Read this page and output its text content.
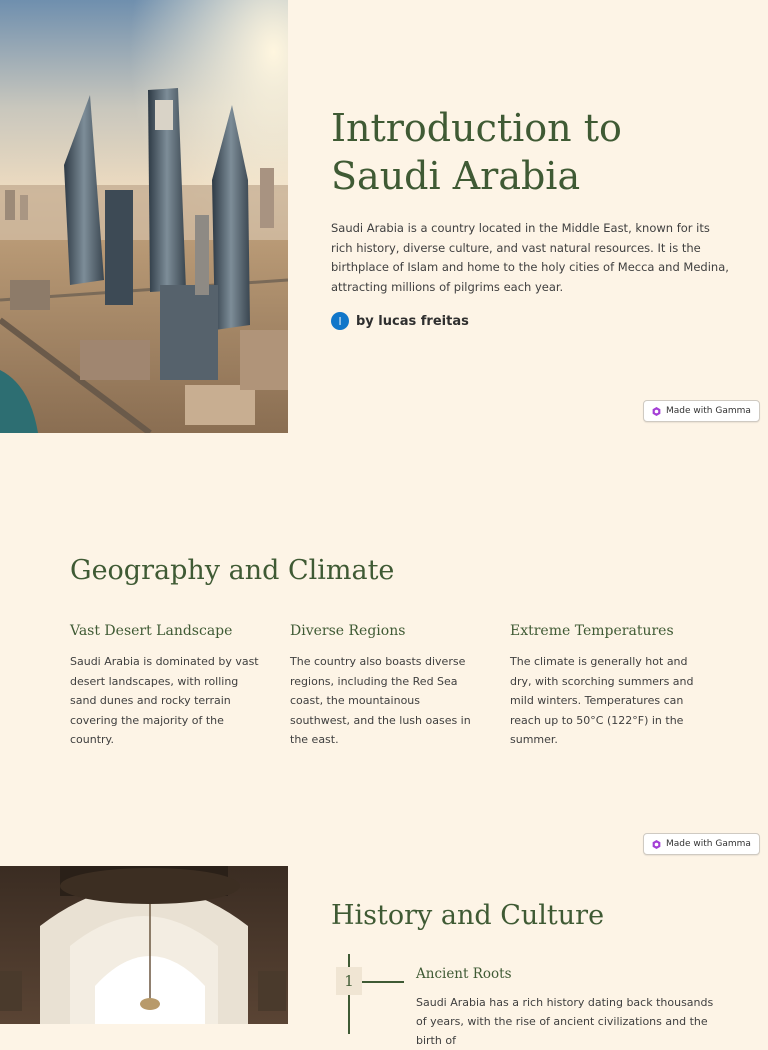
Introduction to
Saudi Arabia

Saudi Arabia is a country located in the Middle East, known for its rich history, diverse culture, and vast natural resources. It is the birthplace of Islam and home to the holy cities of Mecca and Medina, attracting millions of pilgrims each year.

l	by lucas freitas
Made with Gamma
Geography and Climate
Vast Desert Landscape

Saudi Arabia is dominated by vast desert landscapes, with rolling sand dunes and rocky terrain covering the majority of the country.

Diverse Regions

The country also boasts diverse regions, including the Red Sea coast, the mountainous southwest, and the lush oases in the east.

Extreme Temperatures

The climate is generally hot and dry, with scorching summers and mild winters. Temperatures can reach up to 50°C (122°F) in the summer.

Made with Gamma
History and Culture
1	Ancient Roots

Saudi Arabia has a rich history dating back thousands of years, with the rise of ancient civilizations and the birth of
